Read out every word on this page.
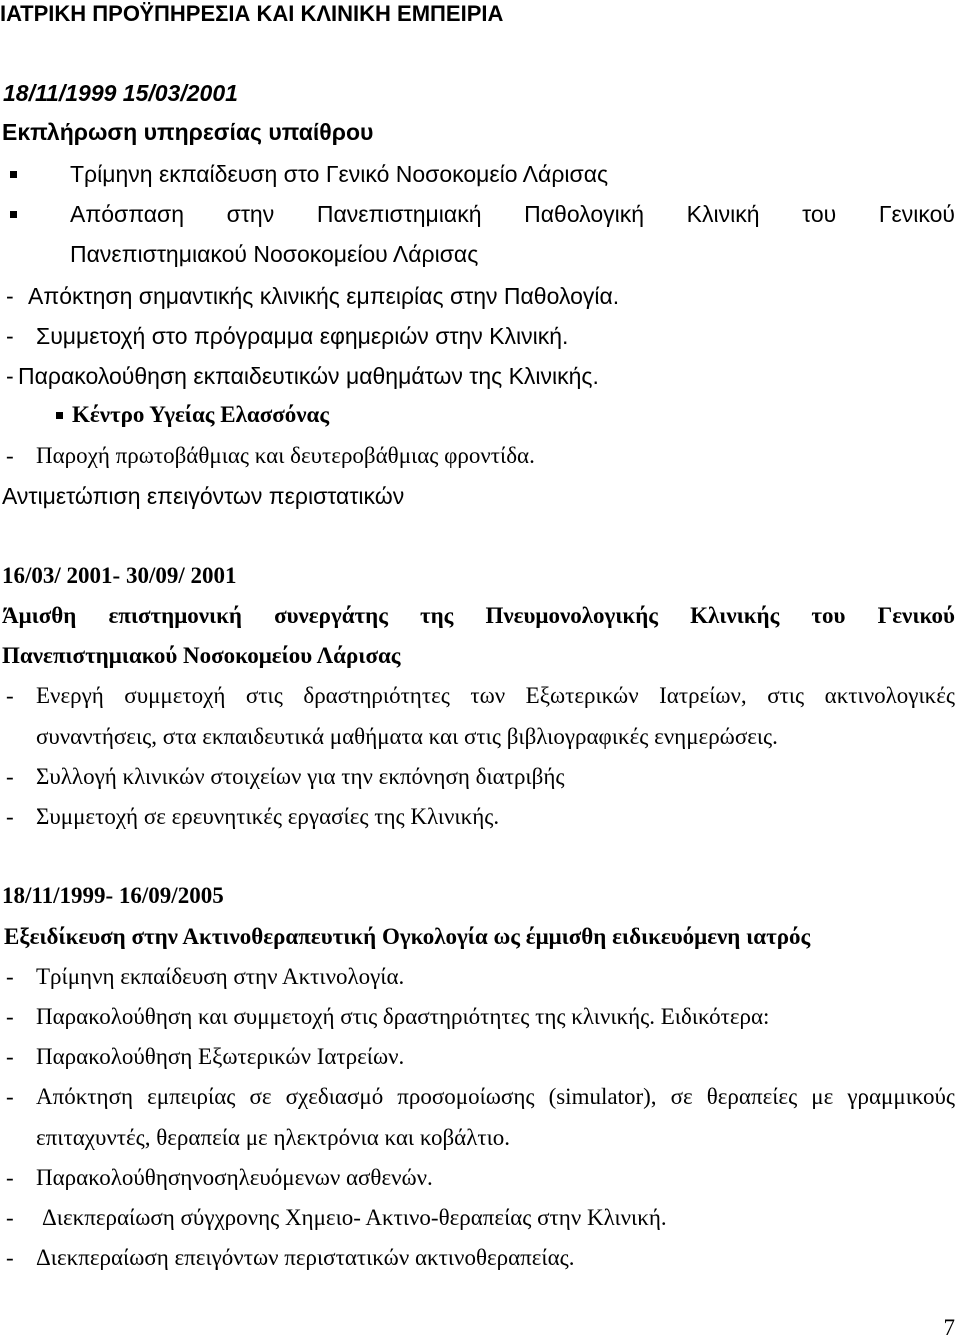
ΙΑΤΡΙΚΗ ΠΡΟΫΠΗΡΕΣΙΑ ΚΑΙ ΚΛΙΝΙΚΗ ΕΜΠΕΙΡΙΑ
18/11/1999 15/03/2001
Εκπλήρωση υπηρεσίας υπαίθρου
Τρίμηνη εκπαίδευση στο Γενικό Νοσοκομείο Λάρισας
Απόσπαση στην Πανεπιστημιακή Παθολογική Κλινική του Γενικού
Πανεπιστημιακού Νοσοκομείου Λάρισας
- Απόκτηση σημαντικής κλινικής εμπειρίας στην Παθολογία.
- Συμμετοχή στο πρόγραμμα εφημεριών στην Κλινική.
- Παρακολούθηση εκπαιδευτικών μαθημάτων της Κλινικής.
Κέντρο Υγείας Ελασσόνας
- Παροχή πρωτοβάθμιας και δευτεροβάθμιας φροντίδα.
Αντιμετώπιση επειγόντων περιστατικών
16/03/ 2001- 30/09/ 2001
Άμισθη επιστημονική συνεργάτης της Πνευμονολογικής Κλινικής του Γενικού
Πανεπιστημιακού Νοσοκομείου Λάρισας
- Ενεργή συμμετοχή στις δραστηριότητες των Εξωτερικών Ιατρείων, στις ακτινολογικές
συναντήσεις, στα εκπαιδευτικά μαθήματα και στις βιβλιογραφικές ενημερώσεις.
- Συλλογή κλινικών στοιχείων για την εκπόνηση διατριβής
- Συμμετοχή σε ερευνητικές εργασίες της Κλινικής.
18/11/1999- 16/09/2005
Εξειδίκευση στην Ακτινοθεραπευτική Ογκολογία ως έμμισθη ειδικευόμενη ιατρός
- Τρίμηνη εκπαίδευση στην Ακτινολογία.
- Παρακολούθηση και συμμετοχή στις δραστηριότητες της κλινικής. Ειδικότερα:
- Παρακολούθηση Εξωτερικών Ιατρείων.
- Απόκτηση εμπειρίας σε σχεδιασμό προσομοίωσης (simulator), σε θεραπείες με γραμμικούς
επιταχυντές, θεραπεία με ηλεκτρόνια και κοβάλτιο.
- Παρακολούθησηνοσηλευόμενων ασθενών.
- Διεκπεραίωση σύγχρονης Χημειο- Ακτινο-θεραπείας στην Κλινική.
- Διεκπεραίωση επειγόντων περιστατικών ακτινοθεραπείας.
7
